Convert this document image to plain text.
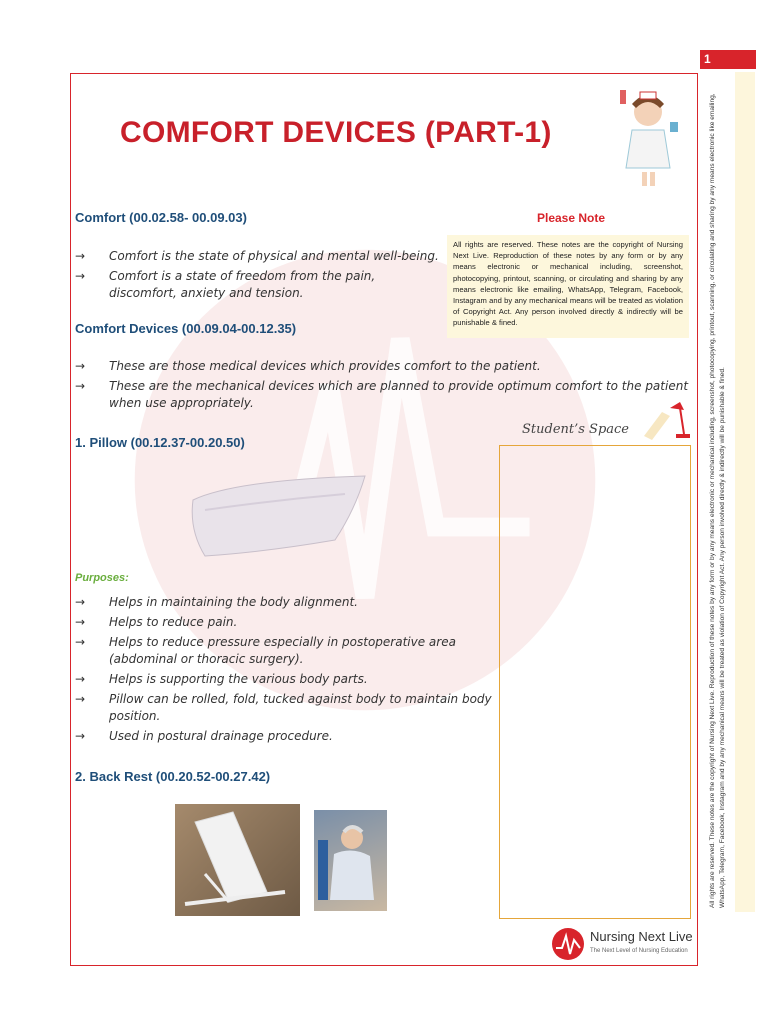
1
All rights are reserved. These notes are the copyright of Nursing Next Live. Reproduction of these notes by any form or by any means electronic or mechanical including, screenshot, photocopying, printout, scanning, or circulating and sharing by any means electronic like emailing, WhatsApp, Telegram, Facebook, Instagram and by any mechanical means will be treated as violation of Copyright Act. Any person involved directly & indirectly will be punishable & fined.
COMFORT DEVICES (PART-1)
Comfort (00.02.58- 00.09.03)
→ Comfort is the state of physical and mental well-being.
→ Comfort is a state of freedom from the pain, discomfort, anxiety and tension.
Please Note
All rights are reserved. These notes are the copyright of Nursing Next Live. Reproduction of these notes by any form or by any means electronic or mechanical including, screenshot, photocopying, printout, scanning, or circulating and sharing by any means electronic like emailing, WhatsApp, Telegram, Facebook, Instagram and by any mechanical means will be treated as violation of Copyright Act. Any person involved directly & indirectly will be punishable & fined.
Comfort Devices (00.09.04-00.12.35)
→ These are those medical devices which provides comfort to the patient.
→ These are the mechanical devices which are planned to provide optimum comfort to the patient when use appropriately.
Student’s Space
1. Pillow (00.12.37-00.20.50)
Purposes:
→ Helps in maintaining the body alignment.
→ Helps to reduce pain.
→ Helps to reduce pressure especially in postoperative area (abdominal or thoracic surgery).
→ Helps is supporting the various body parts.
→ Pillow can be rolled, fold, tucked against body to maintain body position.
→ Used in postural drainage procedure.
2. Back Rest (00.20.52-00.27.42)
Nursing Next Live
The Next Level of Nursing Education
